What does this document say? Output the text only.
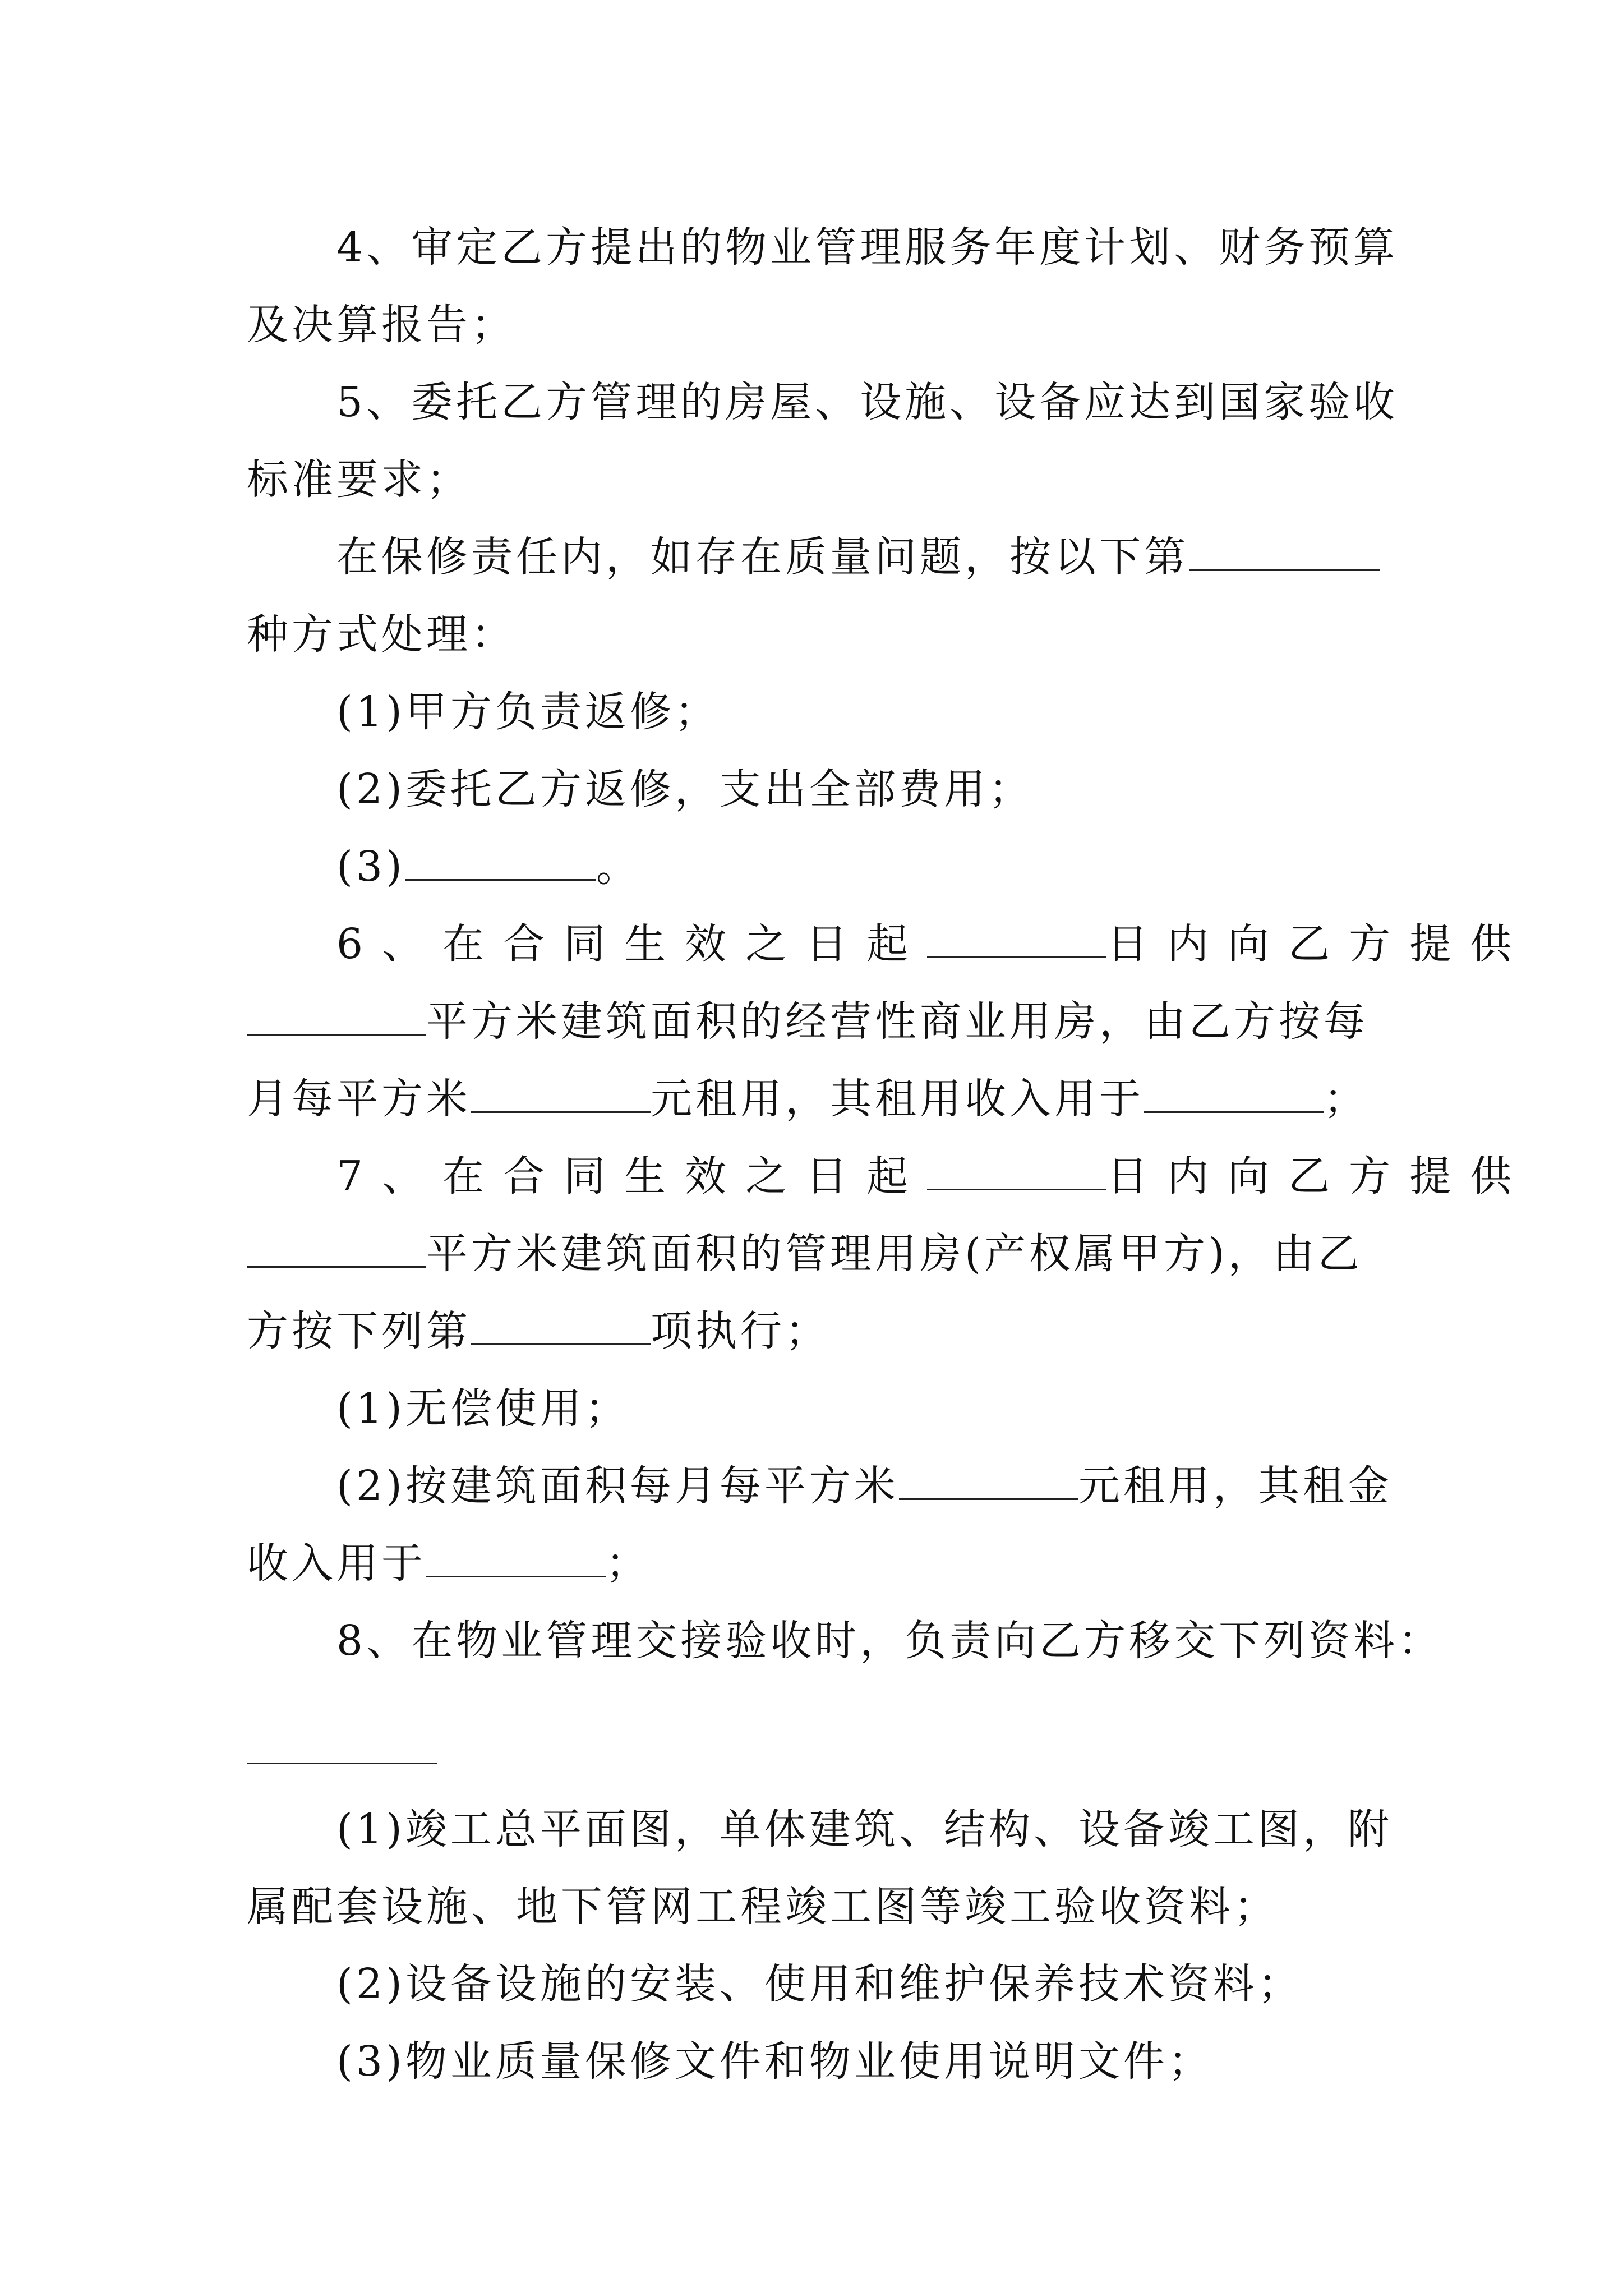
4、审定乙方提出的物业管理服务年度计划、财务预算
及决算报告；
5、委托乙方管理的房屋、设施、设备应达到国家验收
标准要求；
在保修责任内，如存在质量问题，按以下第
种方式处理：
(1)甲方负责返修；
(2)委托乙方返修，支出全部费用；
(3)	。
6、在合同生效之日起	日内向乙方提供
平方米建筑面积的经营性商业用房，由乙方按每
月每平方米	元租用，其租用收入用于	；
7、在合同生效之日起	日内向乙方提供
平方米建筑面积的管理用房(产权属甲方)，由乙
方按下列第	项执行；
(1)无偿使用；
(2)按建筑面积每月每平方米	元租用，其租金
收入用于	；
8、在物业管理交接验收时，负责向乙方移交下列资料：
(1)竣工总平面图，单体建筑、结构、设备竣工图，附
属配套设施、地下管网工程竣工图等竣工验收资料；
(2)设备设施的安装、使用和维护保养技术资料；
(3)物业质量保修文件和物业使用说明文件；
